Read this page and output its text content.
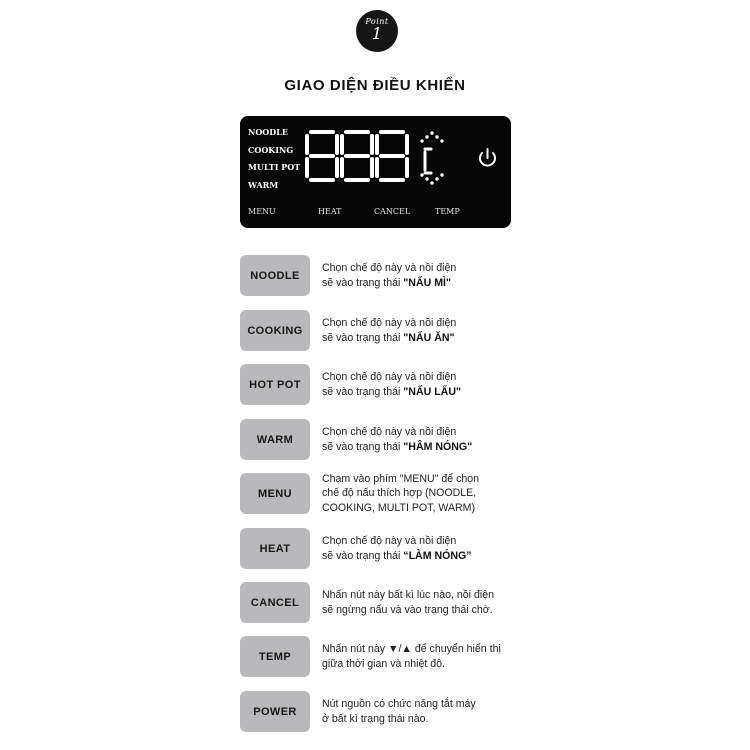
Point
1
GIAO DIỆN ĐIỀU KHIỂN
NOODLE
COOKING
MULTI POT
WARM
MENU	HEAT	CANCEL	TEMP
NOODLE
Chọn chế độ này và nồi điện
sẽ vào trạng thái "NẤU MÌ"
COOKING
Chọn chế độ này và nồi điện
sẽ vào trạng thái "NẤU ĂN"
HOT POT
Chọn chế độ này và nồi điện
sẽ vào trạng thái "NẤU LẨU"
WARM
Chọn chế độ này và nồi điện
sẽ vào trạng thái "HÂM NÓNG"
MENU
Chạm vào phím "MENU" để chọn
chế độ nấu thích hợp (NOODLE,
COOKING, MULTI POT, WARM)
HEAT
Chọn chế độ này và nồi điện
sẽ vào trạng thái “LÀM NÓNG”
CANCEL
Nhấn nút này bất kì lúc nào, nồi điện
sẽ ngừng nấu và vào trạng thái chờ.
TEMP
Nhấn nút này ▼/▲ để chuyển hiển thị
giữa thời gian và nhiệt độ.
POWER
Nút nguồn có chức năng tắt máy
ở bất kì trạng thái nào.
